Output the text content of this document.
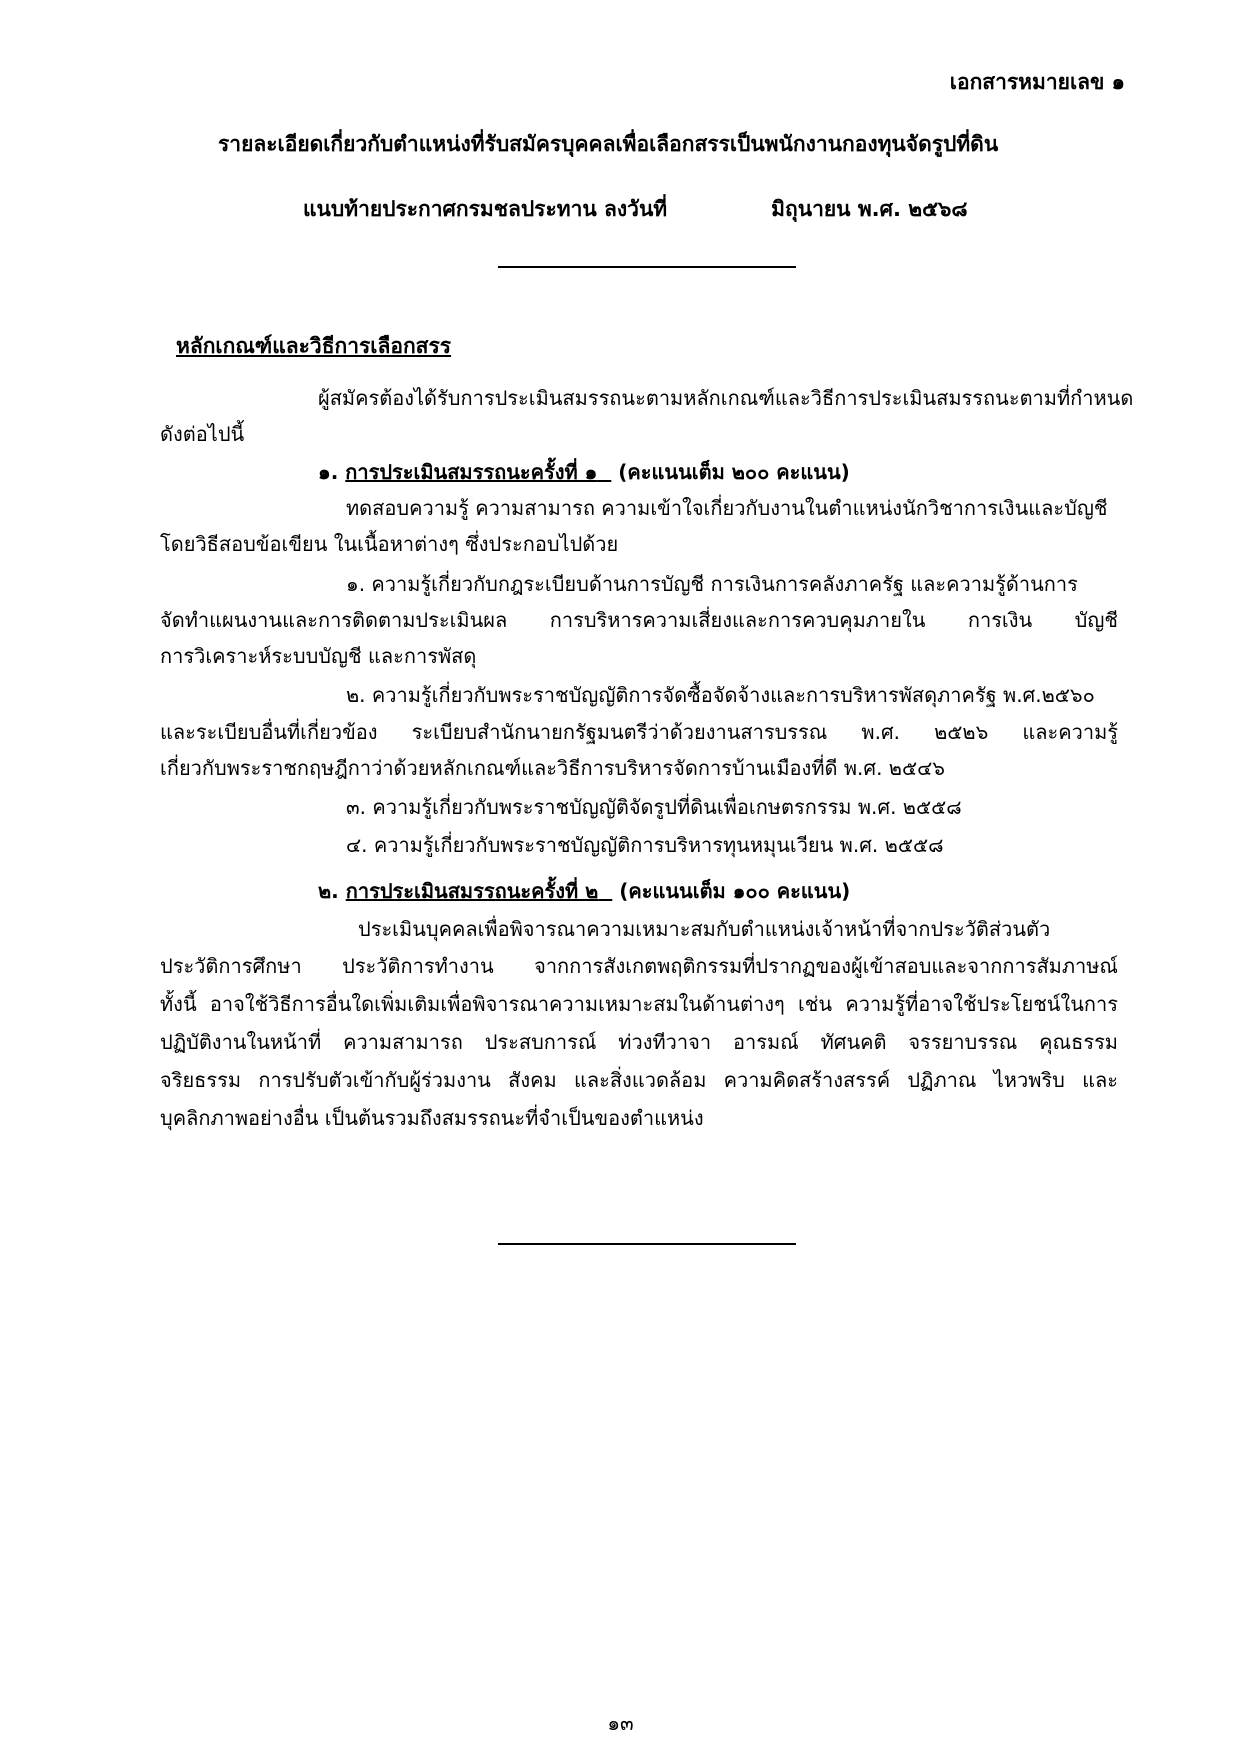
เอกสารหมายเลข ๑
รายละเอียดเกี่ยวกับตำแหน่งที่รับสมัครบุคคลเพื่อเลือกสรรเป็นพนักงานกองทุนจัดรูปที่ดิน
แนบท้ายประกาศกรมชลประทาน ลงวันที่	มิถุนายน พ.ศ. ๒๕๖๘
หลักเกณฑ์และวิธีการเลือกสรร
ผู้สมัครต้องได้รับการประเมินสมรรถนะตามหลักเกณฑ์และวิธีการประเมินสมรรถนะตามที่กำหนด
ดังต่อไปนี้
๑. การประเมินสมรรถนะครั้งที่ ๑ (คะแนนเต็ม ๒๐๐ คะแนน)
ทดสอบความรู้ ความสามารถ ความเข้าใจเกี่ยวกับงานในตำแหน่งนักวิชาการเงินและบัญชี
โดยวิธีสอบข้อเขียน ในเนื้อหาต่างๆ ซึ่งประกอบไปด้วย
๑. ความรู้เกี่ยวกับกฎระเบียบด้านการบัญชี การเงินการคลังภาครัฐ และความรู้ด้านการ
จัดทำแผนงานและการติดตามประเมินผล การบริหารความเสี่ยงและการควบคุมภายใน การเงิน บัญชี
การวิเคราะห์ระบบบัญชี และการพัสดุ
๒. ความรู้เกี่ยวกับพระราชบัญญัติการจัดซื้อจัดจ้างและการบริหารพัสดุภาครัฐ พ.ศ.๒๕๖๐
และระเบียบอื่นที่เกี่ยวข้อง ระเบียบสำนักนายกรัฐมนตรีว่าด้วยงานสารบรรณ พ.ศ. ๒๕๒๖ และความรู้
เกี่ยวกับพระราชกฤษฎีกาว่าด้วยหลักเกณฑ์และวิธีการบริหารจัดการบ้านเมืองที่ดี พ.ศ. ๒๕๔๖
๓. ความรู้เกี่ยวกับพระราชบัญญัติจัดรูปที่ดินเพื่อเกษตรกรรม พ.ศ. ๒๕๕๘
๔. ความรู้เกี่ยวกับพระราชบัญญัติการบริหารทุนหมุนเวียน พ.ศ. ๒๕๕๘
๒. การประเมินสมรรถนะครั้งที่ ๒ (คะแนนเต็ม ๑๐๐ คะแนน)
ประเมินบุคคลเพื่อพิจารณาความเหมาะสมกับตำแหน่งเจ้าหน้าที่จากประวัติส่วนตัว
ประวัติการศึกษา ประวัติการทำงาน จากการสังเกตพฤติกรรมที่ปรากฏของผู้เข้าสอบและจากการสัมภาษณ์
ทั้งนี้ อาจใช้วิธีการอื่นใดเพิ่มเติมเพื่อพิจารณาความเหมาะสมในด้านต่างๆ เช่น ความรู้ที่อาจใช้ประโยชน์ในการ
ปฏิบัติงานในหน้าที่ ความสามารถ ประสบการณ์ ท่วงทีวาจา อารมณ์ ทัศนคติ จรรยาบรรณ คุณธรรม
จริยธรรม การปรับตัวเข้ากับผู้ร่วมงาน สังคม และสิ่งแวดล้อม ความคิดสร้างสรรค์ ปฏิภาณ ไหวพริบ และ
บุคลิกภาพอย่างอื่น เป็นต้นรวมถึงสมรรถนะที่จำเป็นของตำแหน่ง
๑๓
